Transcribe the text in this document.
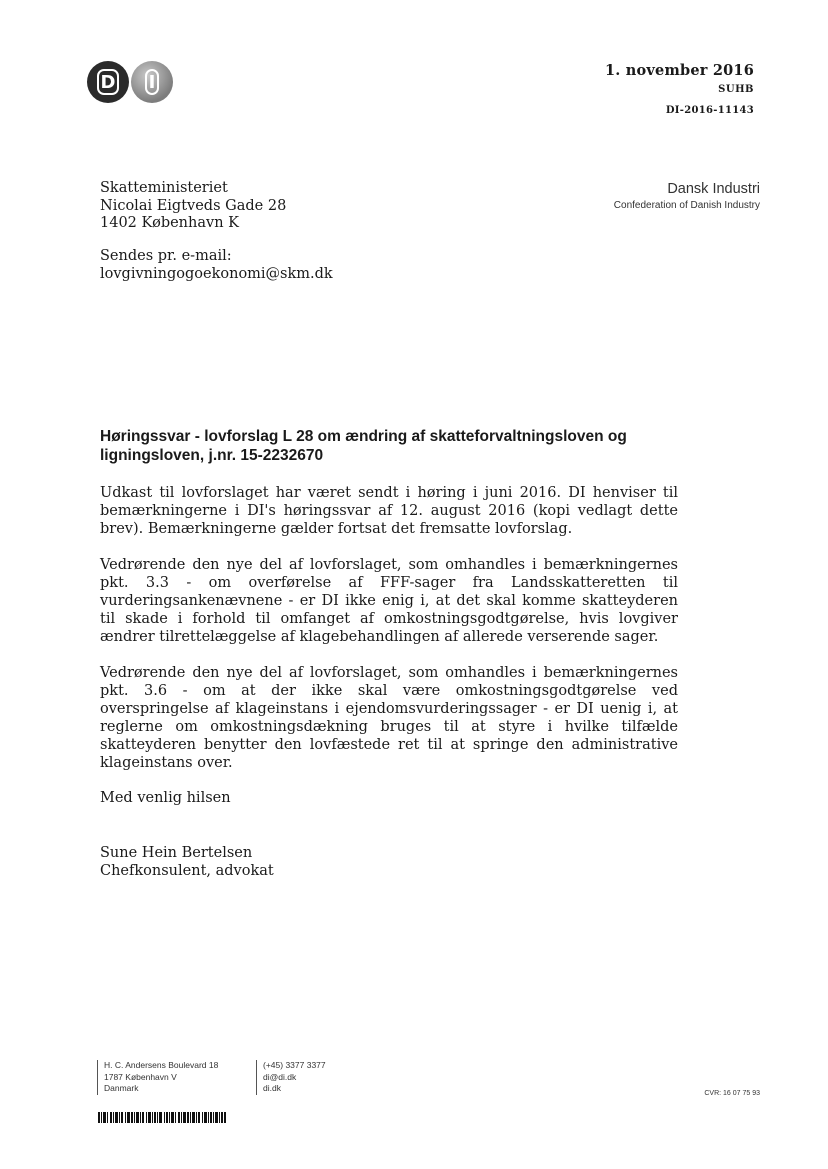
D I
1. november 2016
SUHB
DI-2016-11143
Skatteministeriet
Nicolai Eigtveds Gade 28
1402 København K
Sendes pr. e-mail:
lovgivningogoekonomi@skm.dk
Dansk Industri
Confederation of Danish Industry
Høringssvar - lovforslag L 28 om ændring af skatteforvaltningsloven og ligningsloven, j.nr. 15-2232670

Udkast til lovforslaget har været sendt i høring i juni 2016. DI henviser til bemærkningerne i DI's høringssvar af 12. august 2016 (kopi vedlagt dette brev). Bemærkningerne gælder fortsat det fremsatte lovforslag.

Vedrørende den nye del af lovforslaget, som omhandles i bemærkningernes pkt. 3.3 - om overførelse af FFF-sager fra Landsskatteretten til vurderingsankenævnene - er DI ikke enig i, at det skal komme skatteyderen til skade i forhold til omfanget af omkostningsgodtgørelse, hvis lovgiver ændrer tilrettelæggelse af klagebehandlingen af allerede verserende sager.

Vedrørende den nye del af lovforslaget, som omhandles i bemærkningernes pkt. 3.6 - om at der ikke skal være omkostningsgodtgørelse ved overspringelse af klageinstans i ejendomsvurderingssager - er DI uenig i, at reglerne om omkostningsdækning bruges til at styre i hvilke tilfælde skatteyderen benytter den lovfæstede ret til at springe den administrative klageinstans over.

Med venlig hilsen
Sune Hein Bertelsen
Chefkonsulent, advokat
H. C. Andersens Boulevard 18
1787 København V
Danmark
(+45) 3377 3377
di@di.dk
di.dk
CVR: 16 07 75 93
